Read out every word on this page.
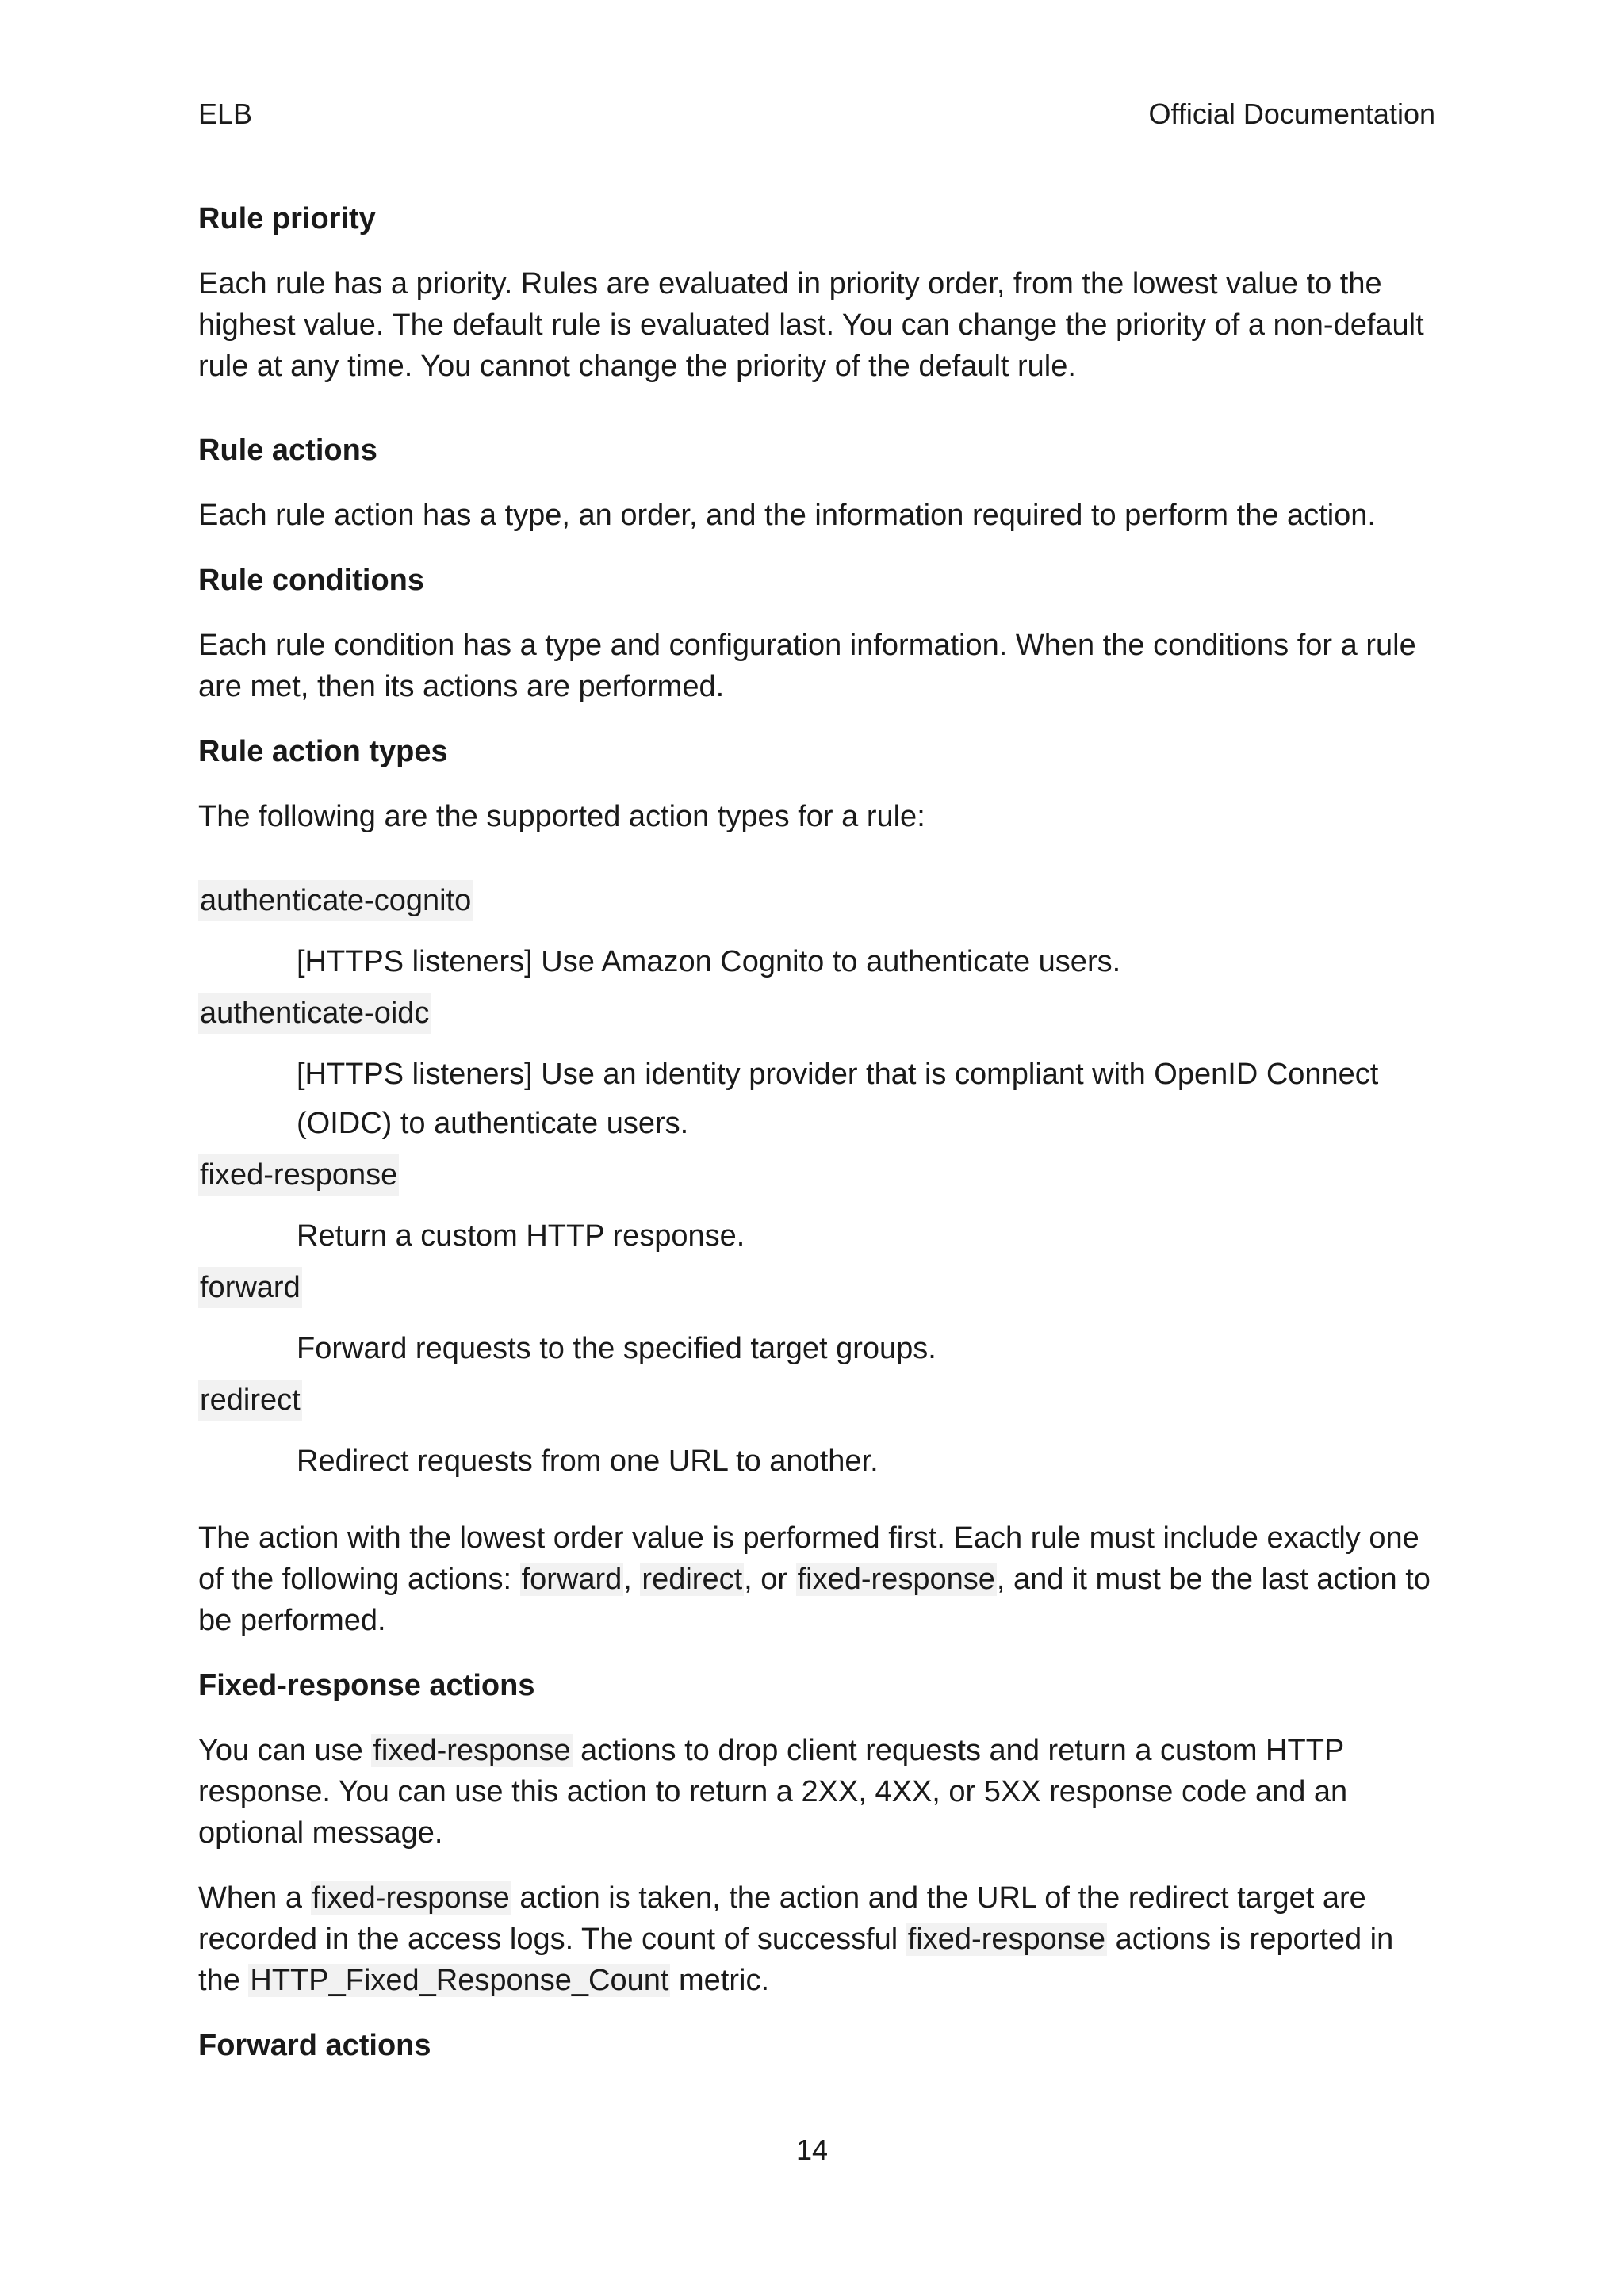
ELB	Official Documentation
Rule priority

Each rule has a priority. Rules are evaluated in priority order, from the lowest value to the highest value. The default rule is evaluated last. You can change the priority of a non-default rule at any time. You cannot change the priority of the default rule.

Rule actions

Each rule action has a type, an order, and the information required to perform the action.

Rule conditions

Each rule condition has a type and configuration information. When the conditions for a rule are met, then its actions are performed.

Rule action types

The following are the supported action types for a rule:

authenticate-cognito
[HTTPS listeners] Use Amazon Cognito to authenticate users.
authenticate-oidc
[HTTPS listeners] Use an identity provider that is compliant with OpenID Connect (OIDC) to authenticate users.
fixed-response
Return a custom HTTP response.
forward
Forward requests to the specified target groups.
redirect
Redirect requests from one URL to another.

The action with the lowest order value is performed first. Each rule must include exactly one of the following actions: forward, redirect, or fixed-response, and it must be the last action to be performed.

Fixed-response actions

You can use fixed-response actions to drop client requests and return a custom HTTP response. You can use this action to return a 2XX, 4XX, or 5XX response code and an optional message.

When a fixed-response action is taken, the action and the URL of the redirect target are recorded in the access logs. The count of successful fixed-response actions is reported in the HTTP_Fixed_Response_Count metric.

Forward actions
14
